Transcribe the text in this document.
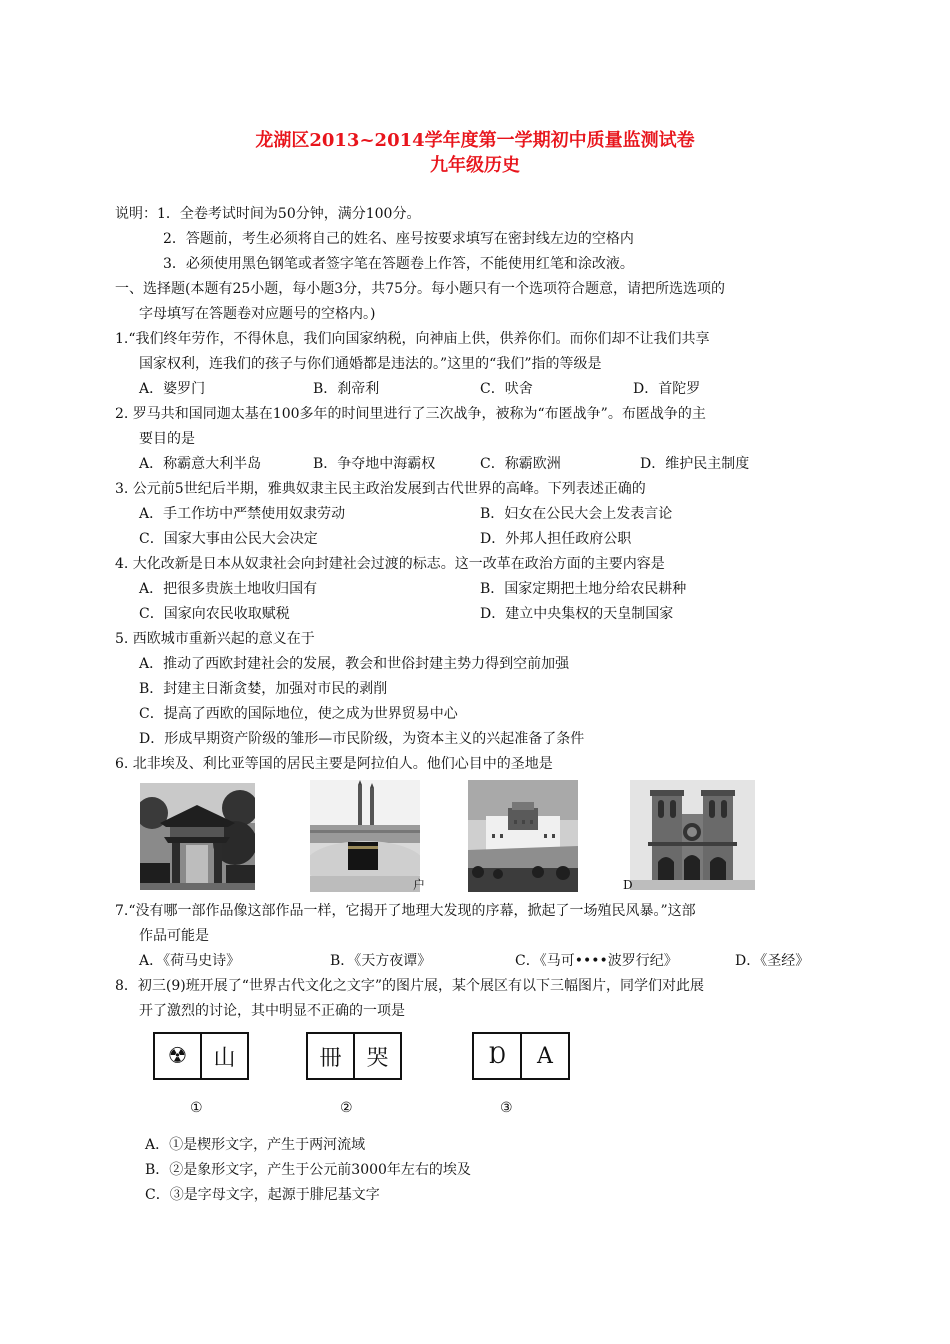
龙湖区2013~2014学年度第一学期初中质量监测试卷
九年级历史
说明：1．全卷考试时间为50分钟，满分100分。
2．答题前，考生必须将自己的姓名、座号按要求填写在密封线左边的空格内
3．必须使用黑色钢笔或者签字笔在答题卷上作答，不能使用红笔和涂改液。
一、选择题(本题有25小题，每小题3分，共75分。每小题只有一个选项符合题意，请把所选选项的
字母填写在答题卷对应题号的空格内。)
1.“我们终年劳作，不得休息，我们向国家纳税，向神庙上供，供养你们。而你们却不让我们共享
国家权利，连我们的孩子与你们通婚都是违法的。”这里的“我们”指的等级是
A．婆罗门	B．刹帝利	C．吠舍	D．首陀罗
2. 罗马共和国同迦太基在100多年的时间里进行了三次战争，被称为“布匿战争”。布匿战争的主
要目的是
A．称霸意大利半岛	B．争夺地中海霸权	C．称霸欧洲	D．维护民主制度
3. 公元前5世纪后半期，雅典奴隶主民主政治发展到古代世界的高峰。下列表述正确的
A．手工作坊中严禁使用奴隶劳动	B．妇女在公民大会上发表言论
C．国家大事由公民大会决定	D．外邦人担任政府公职
4. 大化改新是日本从奴隶社会向封建社会过渡的标志。这一改革在政治方面的主要内容是
A．把很多贵族土地收归国有	B．国家定期把土地分给农民耕种
C．国家向农民收取赋税	D．建立中央集权的天皇制国家
5. 西欧城市重新兴起的意义在于
A．推动了西欧封建社会的发展，教会和世俗封建主势力得到空前加强
B．封建主日渐贪婪，加强对市民的剥削
C．提高了西欧的国际地位，使之成为世界贸易中心
D．形成早期资产阶级的雏形—市民阶级，为资本主义的兴起准备了条件
6. 北非埃及、利比亚等国的居民主要是阿拉伯人。他们心目中的圣地是
户	D
7.“没有哪一部作品像这部作品一样，它揭开了地理大发现的序幕，掀起了一场殖民风暴。”这部
作品可能是
A．《荷马史诗》	B．《天方夜谭》	C．《马可••••波罗行纪》	D．《圣经》
8．初三(9)班开展了“世界古代文化之文字”的图片展，某个展区有以下三幅图片，同学们对此展
开了激烈的讨论，其中明显不正确的一项是
☢	山	冊	哭	Ɒ	A
①	②	③
A．①是楔形文字，产生于两河流域
B．②是象形文字，产生于公元前3000年左右的埃及
C．③是字母文字，起源于腓尼基文字
